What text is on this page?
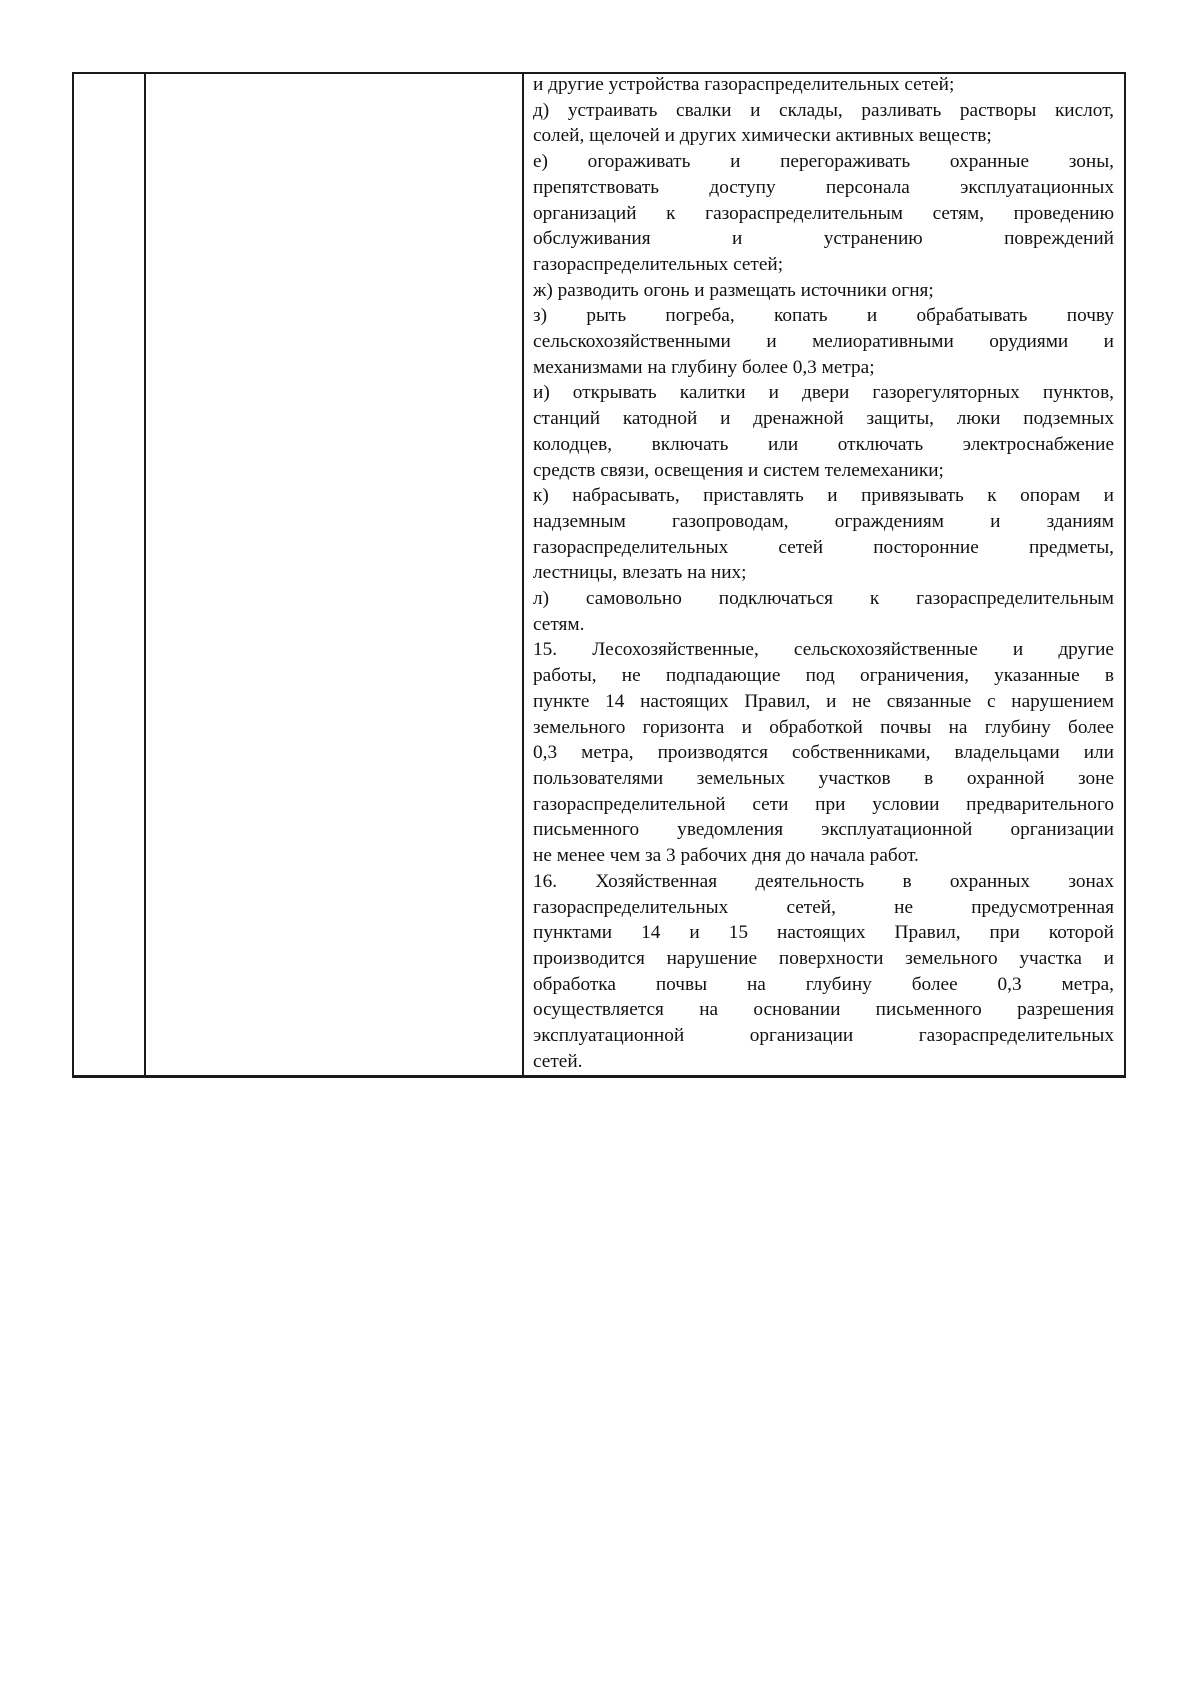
и другие устройства газораспределительных сетей;
д) устраивать свалки и склады, разливать растворы кислот,
солей, щелочей и других химически активных веществ;
е) огораживать и перегораживать охранные зоны,
препятствовать доступу персонала эксплуатационных
организаций к газораспределительным сетям, проведению
обслуживания и устранению повреждений
газораспределительных сетей;
ж) разводить огонь и размещать источники огня;
з) рыть погреба, копать и обрабатывать почву
сельскохозяйственными и мелиоративными орудиями и
механизмами на глубину более 0,3 метра;
и) открывать калитки и двери газорегуляторных пунктов,
станций катодной и дренажной защиты, люки подземных
колодцев, включать или отключать электроснабжение
средств связи, освещения и систем телемеханики;
к) набрасывать, приставлять и привязывать к опорам и
надземным газопроводам, ограждениям и зданиям
газораспределительных сетей посторонние предметы,
лестницы, влезать на них;
л) самовольно подключаться к газораспределительным
сетям.
15. Лесохозяйственные, сельскохозяйственные и другие
работы, не подпадающие под ограничения, указанные в
пункте 14 настоящих Правил, и не связанные с нарушением
земельного горизонта и обработкой почвы на глубину более
0,3 метра, производятся собственниками, владельцами или
пользователями земельных участков в охранной зоне
газораспределительной сети при условии предварительного
письменного уведомления эксплуатационной организации
не менее чем за 3 рабочих дня до начала работ.
16. Хозяйственная деятельность в охранных зонах
газораспределительных сетей, не предусмотренная
пунктами 14 и 15 настоящих Правил, при которой
производится нарушение поверхности земельного участка и
обработка почвы на глубину более 0,3 метра,
осуществляется на основании письменного разрешения
эксплуатационной организации газораспределительных
сетей.
